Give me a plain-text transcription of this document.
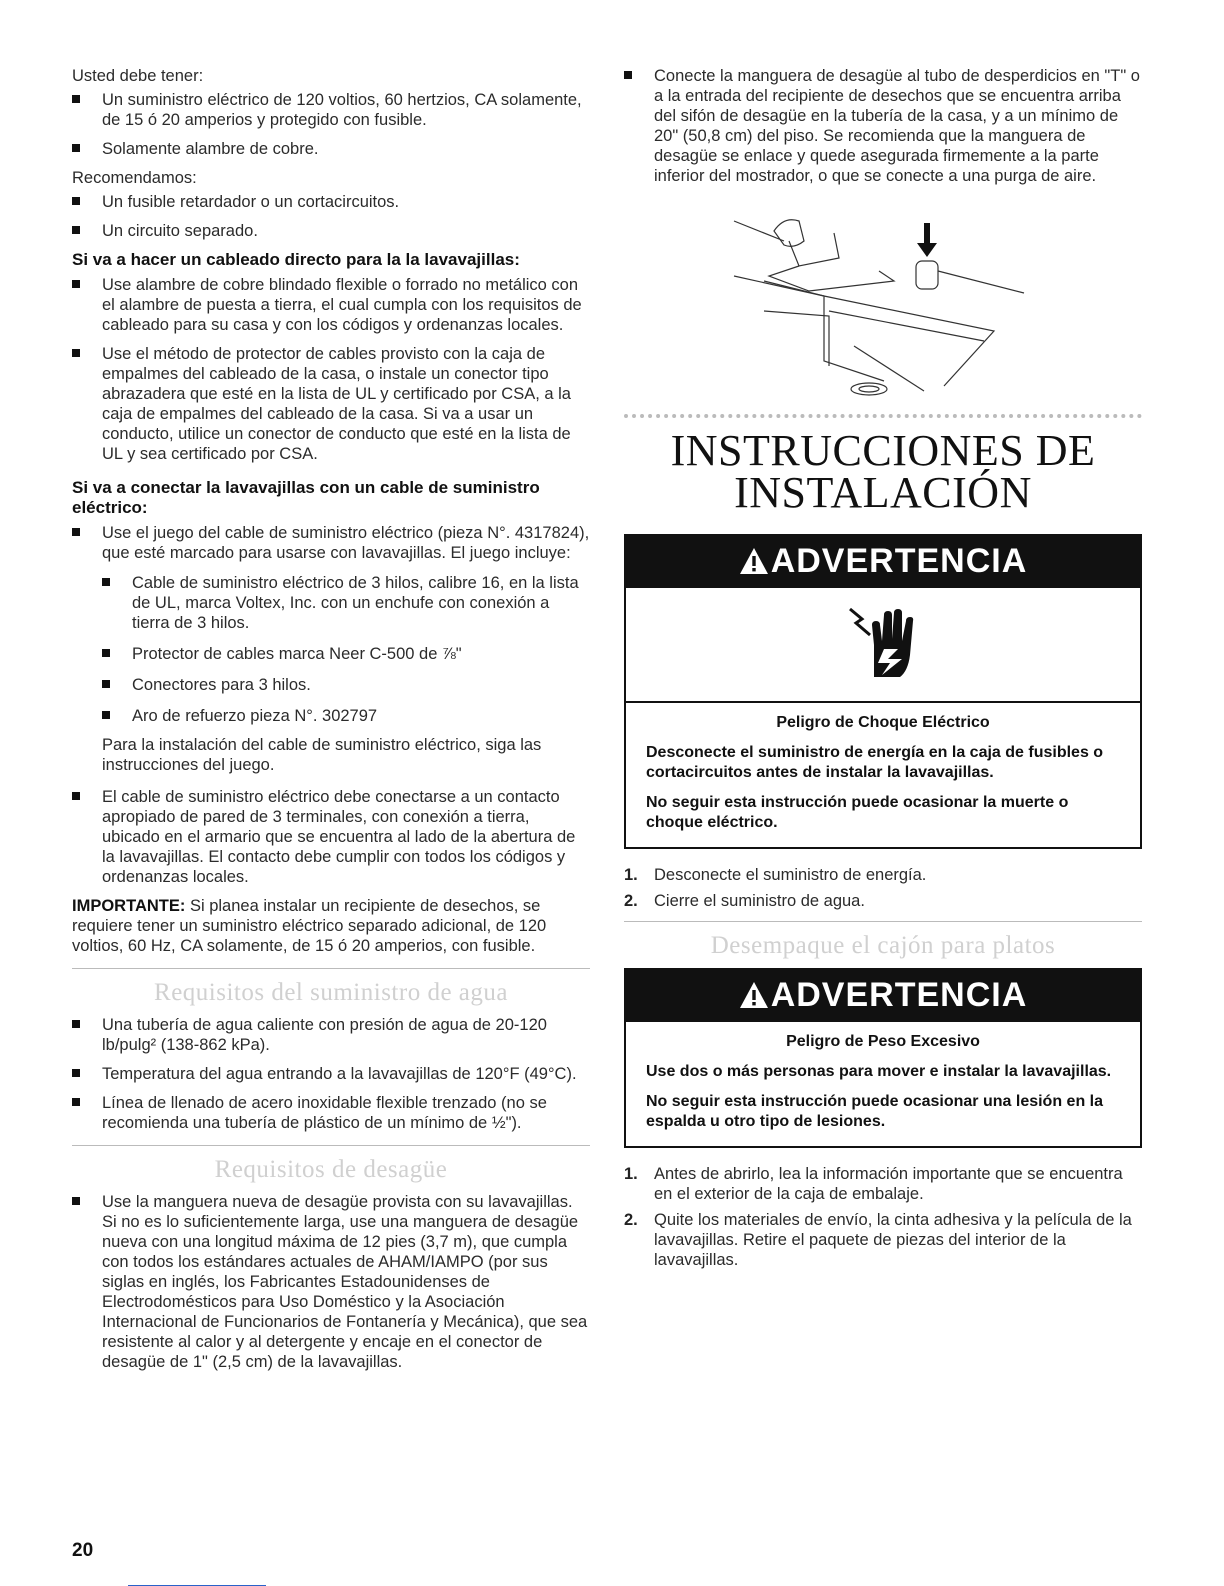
Usted debe tener:

Un suministro eléctrico de 120 voltios, 60 hertzios, CA solamente, de 15 ó 20 amperios y protegido con fusible.
Solamente alambre de cobre.

Recomendamos:

Un fusible retardador o un cortacircuitos.
Un circuito separado.

Si va a hacer un cableado directo para la la lavavajillas:

Use alambre de cobre blindado flexible o forrado no metálico con el alambre de puesta a tierra, el cual cumpla con los requisitos de cableado para su casa y con los códigos y ordenanzas locales.
Use el método de protector de cables provisto con la caja de empalmes del cableado de la casa, o instale un conector tipo abrazadera que esté en la lista de UL y certificado por CSA, a la caja de empalmes del cableado de la casa. Si va a usar un conducto, utilice un conector de conducto que esté en la lista de UL y sea certificado por CSA.

Si va a conectar la lavavajillas con un cable de suministro eléctrico:

Use el juego del cable de suministro eléctrico (pieza N°. 4317824), que esté marcado para usarse con lavavajillas. El juego incluye:
Cable de suministro eléctrico de 3 hilos, calibre 16, en la lista de UL, marca Voltex, Inc. con un enchufe con conexión a tierra de 3 hilos.
Protector de cables marca Neer C-500 de ⅞"
Conectores para 3 hilos.
Aro de refuerzo pieza N°. 302797

Para la instalación del cable de suministro eléctrico, siga las instrucciones del juego.

El cable de suministro eléctrico debe conectarse a un contacto apropiado de pared de 3 terminales, con conexión a tierra, ubicado en el armario que se encuentra al lado de la abertura de la lavavajillas. El contacto debe cumplir con todos los códigos y ordenanzas locales.

IMPORTANTE: Si planea instalar un recipiente de desechos, se requiere tener un suministro eléctrico separado adicional, de 120 voltios, 60 Hz, CA solamente, de 15 ó 20 amperios, con fusible.

Requisitos del suministro de agua

Una tubería de agua caliente con presión de agua de 20-120 lb/pulg² (138-862 kPa).
Temperatura del agua entrando a la lavavajillas de 120°F (49°C).
Línea de llenado de acero inoxidable flexible trenzado (no se recomienda una tubería de plástico de un mínimo de ½").

Requisitos de desagüe

Use la manguera nueva de desagüe provista con su lavavajillas. Si no es lo suficientemente larga, use una manguera de desagüe nueva con una longitud máxima de 12 pies (3,7 m), que cumpla con todos los estándares actuales de AHAM/IAMPO (por sus siglas en inglés, los Fabricantes Estadounidenses de Electrodomésticos para Uso Doméstico y la Asociación Internacional de Funcionarios de Fontanería y Mecánica), que sea resistente al calor y al detergente y encaje en el conector de desagüe de 1" (2,5 cm) de la lavavajillas.
Conecte la manguera de desagüe al tubo de desperdicios en "T" o a la entrada del recipiente de desechos que se encuentra arriba del sifón de desagüe en la tubería de la casa, y a un mínimo de 20" (50,8 cm) del piso. Se recomienda que la manguera de desagüe se enlace y quede asegurada firmemente a la parte inferior del mostrador, o que se conecte a una purga de aire.
INSTRUCCIONES DE
INSTALACIÓN
ADVERTENCIA

Peligro de Choque Eléctrico

Desconecte el suministro de energía en la caja de fusibles o cortacircuitos antes de instalar la lavavajillas.

No seguir esta instrucción puede ocasionar la muerte o choque eléctrico.

1. Desconecte el suministro de energía.
2. Cierre el suministro de agua.

Desempaque el cajón para platos

ADVERTENCIA

Peligro de Peso Excesivo

Use dos o más personas para mover e instalar la lavavajillas.

No seguir esta instrucción puede ocasionar una lesión en la espalda u otro tipo de lesiones.

1. Antes de abrirlo, lea la información importante que se encuentra en el exterior de la caja de embalaje.
2. Quite los materiales de envío, la cinta adhesiva y la película de la lavavajillas. Retire el paquete de piezas del interior de la lavavajillas.
20
